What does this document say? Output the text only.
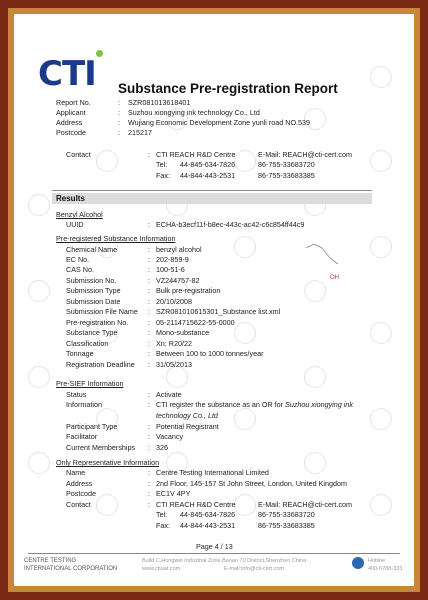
CTI Substance Pre-registration Report
Report No.	: SZR081013618401
Applicant	: Suzhou xiongying ink technology Co., Ltd
Address	: Wujiang Economic Development Zone yunli road NO.539
Postcode	: 215217
Contact	: CTI REACH R&D Centre	E-Mail: REACH@cti-cert.com
Tel: 44-845-634-7826	86-755-33683720
Fax: 44-844-443-2531	86-755-33683385
Results
Benzyl Alcohol
UUID	: ECHA-b3ecf11f-b8ec-443c-ac42-c6c854ff44c9
Pre-registered Substance Information
Chemical Name	: benzyl alcohol
EC No.	: 202-859-9
CAS No.	: 100-51-6
Submission No.	: VZ244757-82
Submission Type	: Bulk pre-registration
Submission Date	: 20/10/2008
Submission File Name : SZR081010615301_Substance list.xml
Pre-registration No.	: 05-2114715622-55-0000
Substance Type	: Mono-substance
Classification	: Xn; R20/22
Tonnage	: Between 100 to 1000 tonnes/year
Registration Deadline : 31/05/2013
OH
Pre-SIEF Information
Status	: Activate
Information	: CTI register the substance as an OR for Suzhou xiongying ink
technology Co., Ltd
Participant Type	: Potential Registrant
Facilitator	: Vacancy
Current Memberships : 326
Only Representative Information
Name	: Centre Testing International Limited
Address	: 2nd Floor, 145-157 St John Street, London, United Kingdom
Postcode	: EC1V 4PY
Contact	: CTI REACH R&D Centre	E-Mail: REACH@cti-cert.com
Tel: 44-845-634-7826	86-755-33683720
Fax: 44-844-443-2531	86-755-33683385
Page 4 / 13
CENTRE TESTING
INTERNATIONAL CORPORATION
Build C,Hongwei Industrial Zone,Baoan 70 District,Shenzhen China
www.ctiuat.com	E-mail:info@cti-cert.com
Hotline
400-6788-333
